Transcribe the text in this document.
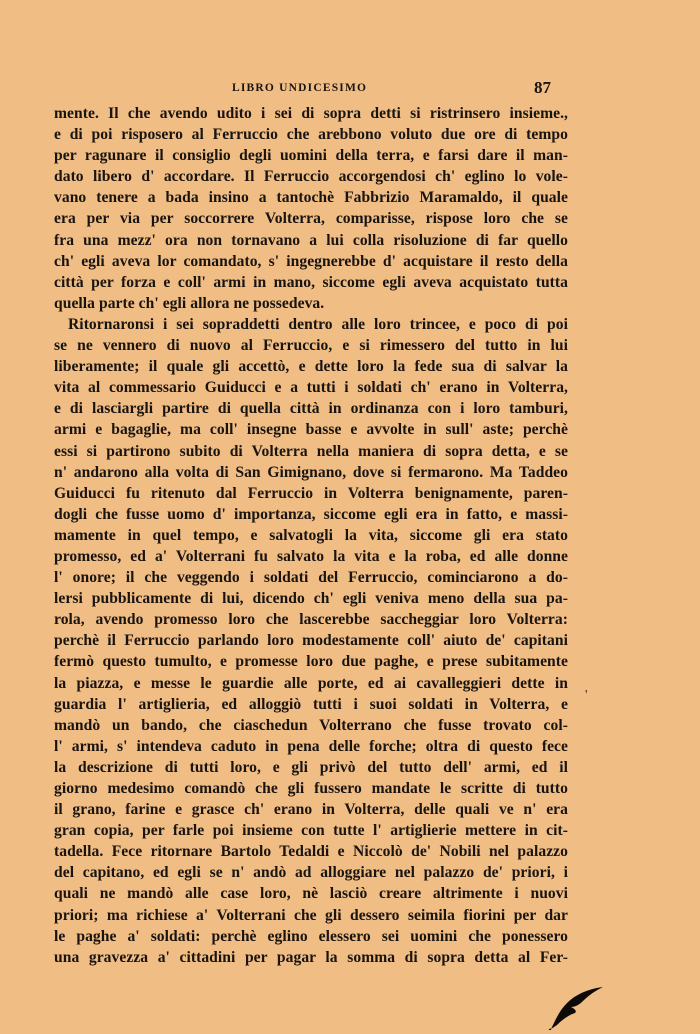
LIBRO UNDICESIMO	87
mente. Il che avendo udito i sei di sopra detti si ristrinsero insieme.,
e di poi risposero al Ferruccio che arebbono voluto due ore di tempo
per ragunare il consiglio degli uomini della terra, e farsi dare il man-
dato libero d' accordare. Il Ferruccio accorgendosi ch' eglino lo vole-
vano tenere a bada insino a tantochè Fabbrizio Maramaldo, il quale
era per via per soccorrere Volterra, comparisse, rispose loro che se
fra una mezz' ora non tornavano a lui colla risoluzione di far quello
ch' egli aveva lor comandato, s' ingegnerebbe d' acquistare il resto della
città per forza e coll' armi in mano, siccome egli aveva acquistato tutta
quella parte ch' egli allora ne possedeva.
Ritornaronsi i sei sopraddetti dentro alle loro trincee, e poco di poi
se ne vennero di nuovo al Ferruccio, e si rimessero del tutto in lui
liberamente; il quale gli accettò, e dette loro la fede sua di salvar la
vita al commessario Guiducci e a tutti i soldati ch' erano in Volterra,
e di lasciargli partire di quella città in ordinanza con i loro tamburi,
armi e bagaglie, ma coll' insegne basse e avvolte in sull' aste; perchè
essi si partirono subito di Volterra nella maniera di sopra detta, e se
n' andarono alla volta di San Gimignano, dove si fermarono. Ma Taddeo
Guiducci fu ritenuto dal Ferruccio in Volterra benignamente, paren-
dogli che fusse uomo d' importanza, siccome egli era in fatto, e massi-
mamente in quel tempo, e salvatogli la vita, siccome gli era stato
promesso, ed a' Volterrani fu salvato la vita e la roba, ed alle donne
l' onore; il che veggendo i soldati del Ferruccio, cominciarono a do-
lersi pubblicamente di lui, dicendo ch' egli veniva meno della sua pa-
rola, avendo promesso loro che lascerebbe saccheggiar loro Volterra:
perchè il Ferruccio parlando loro modestamente coll' aiuto de' capitani
fermò questo tumulto, e promesse loro due paghe, e prese subitamente
la piazza, e messe le guardie alle porte, ed ai cavalleggieri dette in
guardia l' artiglieria, ed alloggiò tutti i suoi soldati in Volterra, e
mandò un bando, che ciaschedun Volterrano che fusse trovato col-
l' armi, s' intendeva caduto in pena delle forche; oltra di questo fece
la descrizione di tutti loro, e gli privò del tutto dell' armi, ed il
giorno medesimo comandò che gli fussero mandate le scritte di tutto
il grano, farine e grasce ch' erano in Volterra, delle quali ve n' era
gran copia, per farle poi insieme con tutte l' artiglierie mettere in cit-
tadella. Fece ritornare Bartolo Tedaldi e Niccolò de' Nobili nel palazzo
del capitano, ed egli se n' andò ad alloggiare nel palazzo de' priori, i
quali ne mandò alle case loro, nè lasciò creare altrimente i nuovi
priori; ma richiese a' Volterrani che gli dessero seimila fiorini per dar
le paghe a' soldati: perchè eglino elessero sei uomini che ponessero
una gravezza a' cittadini per pagar la somma di sopra detta al Fer-
'
